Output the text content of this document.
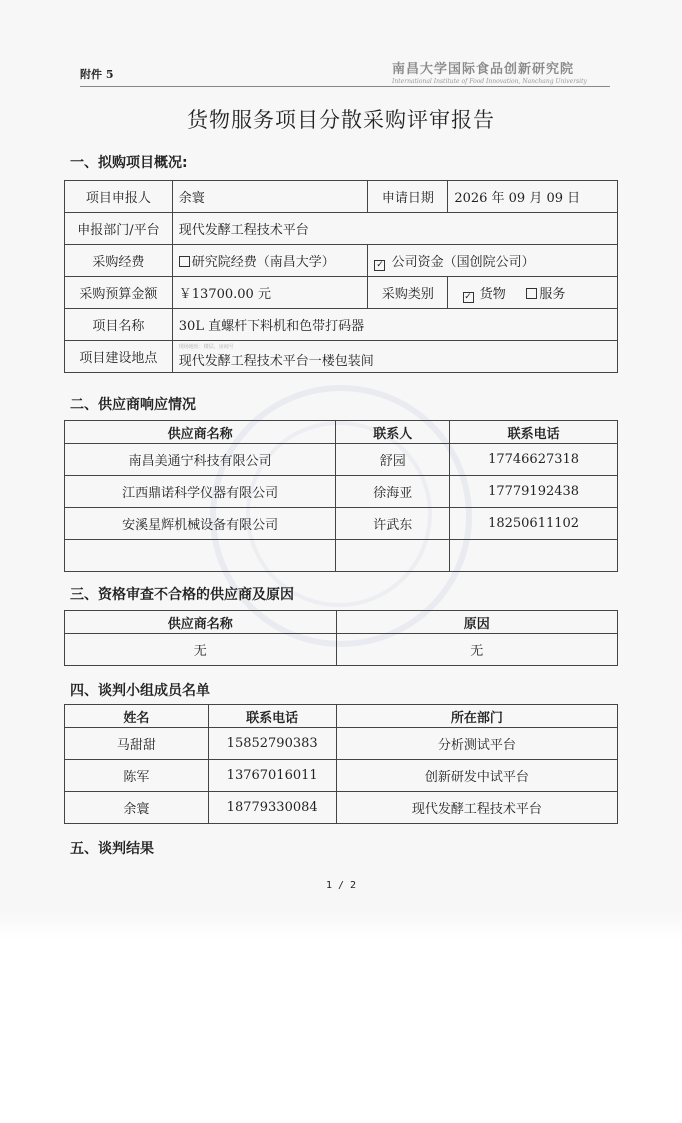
附件 5	南昌大学国际食品创新研究院
International Institute of Food Innovation, Nanchang University
货物服务项目分散采购评审报告
一、拟购项目概况:
项目申报人	余寰	申请日期	2026 年 09 月 09 日
申报部门/平台	现代发酵工程技术平台		
采购经费	研究院经费（南昌大学）	✓ 公司资金（国创院公司）	
采购预算金额	￥13700.00 元	采购类别	✓ 货物 服务
项目名称	30L 直螺杆下料机和色带打码器		
项目建设地点	现场地址：楼层、房间号
现代发酵工程技术平台一楼包装间		
二、供应商响应情况
供应商名称	联系人	联系电话
南昌美通宁科技有限公司	舒园	17746627318
江西鼎诺科学仪器有限公司	徐海亚	17779192438
安溪星辉机械设备有限公司	许武东	18250611102

三、资格审查不合格的供应商及原因
供应商名称	原因
无	无
四、谈判小组成员名单
姓名	联系电话	所在部门
马甜甜	15852790383	分析测试平台
陈军	13767016011	创新研发中试平台
余寰	18779330084	现代发酵工程技术平台
五、谈判结果
1 / 2
